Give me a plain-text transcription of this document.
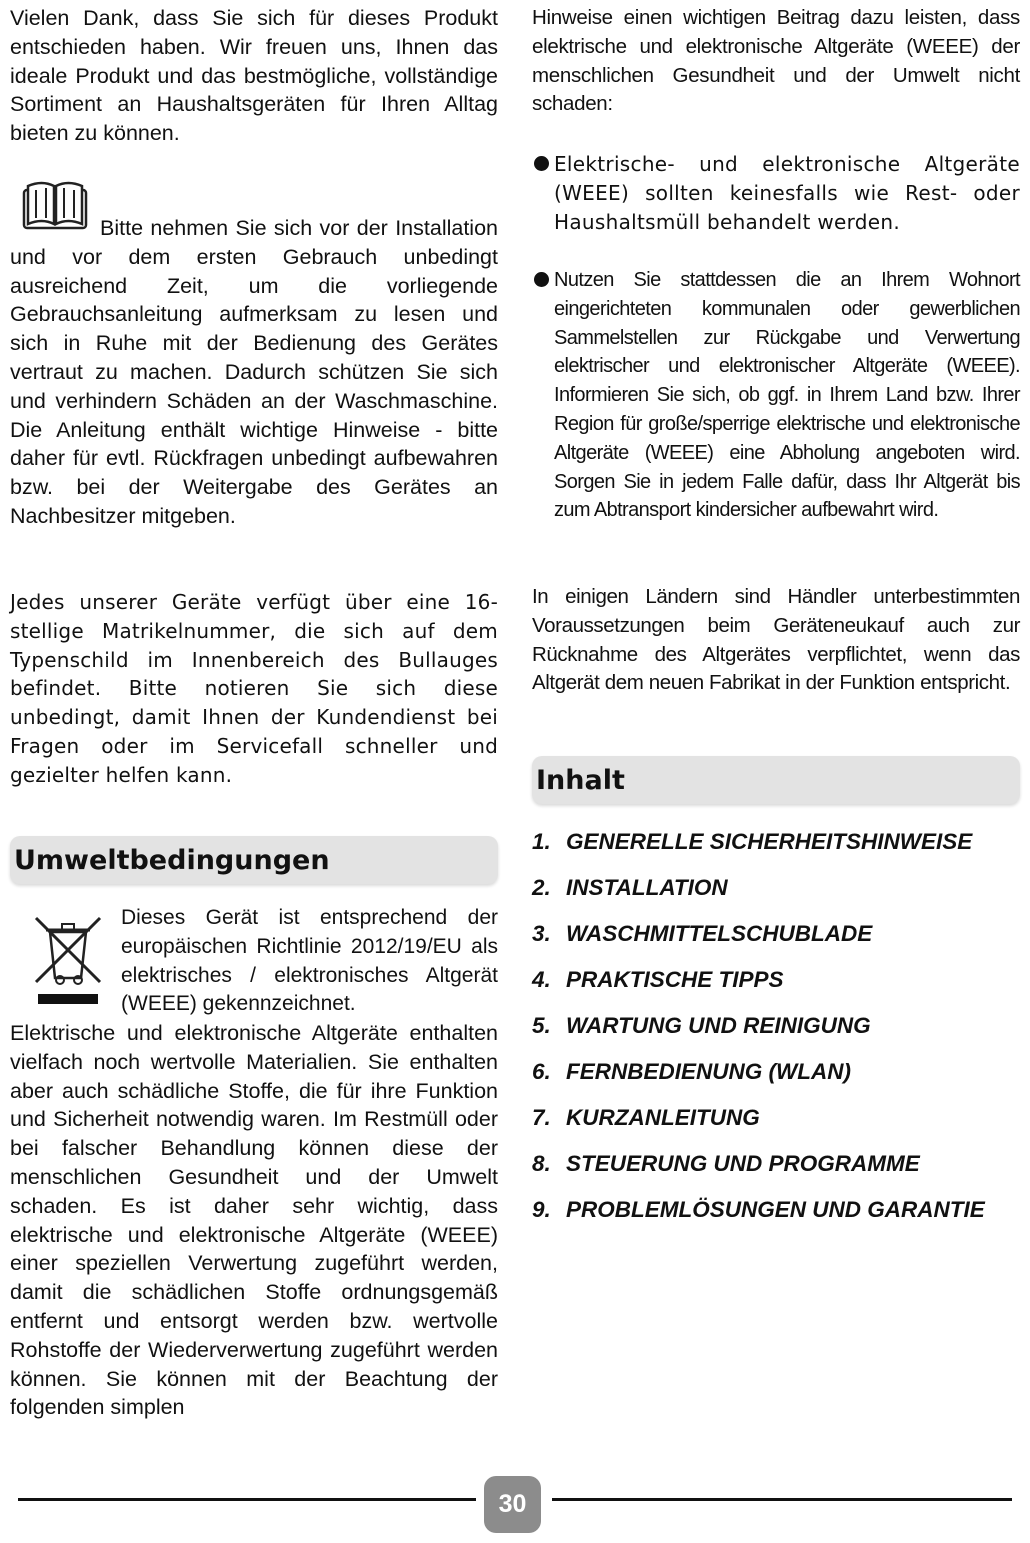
Vielen Dank, dass Sie sich für dieses Produkt entschieden haben. Wir freuen uns, Ihnen das ideale Produkt und das bestmögliche, vollständige Sortiment an Haushaltsgeräten für Ihren Alltag bieten zu können.

Bitte nehmen Sie sich vor der Installation und vor dem ersten Gebrauch unbedingt ausreichend Zeit, um die vorliegende Gebrauchsanleitung aufmerksam zu lesen und sich in Ruhe mit der Bedienung des Gerätes vertraut zu machen. Dadurch schützen Sie sich und verhindern Schäden an der Waschmaschine. Die Anleitung enthält wichtige Hinweise - bitte daher für evtl. Rückfragen unbedingt aufbewahren bzw. bei der Weitergabe des Gerätes an Nachbesitzer mitgeben.

Jedes unserer Geräte verfügt über eine 16-stellige Matrikelnummer, die sich auf dem Typenschild im Innenbereich des Bullauges befindet. Bitte notieren Sie sich diese unbedingt, damit Ihnen der Kundendienst bei Fragen oder im Servicefall schneller und gezielter helfen kann.

Umweltbedingungen

Dieses Gerät ist entsprechend der europäischen Richtlinie 2012/19/EU als elektrisches / elektronisches Altgerät (WEEE) gekennzeichnet.

Elektrische und elektronische Altgeräte enthalten vielfach noch wertvolle Materialien. Sie enthalten aber auch schädliche Stoffe, die für ihre Funktion und Sicherheit notwendig waren. Im Restmüll oder bei falscher Behandlung können diese der menschlichen Gesundheit und der Umwelt schaden. Es ist daher sehr wichtig, dass elektrische und elektronische Altgeräte (WEEE) einer speziellen Verwertung zugeführt werden, damit die schädlichen Stoffe ordnungsgemäß entfernt und entsorgt werden bzw. wertvolle Rohstoffe der Wiederverwertung zugeführt werden können. Sie können mit der Beachtung der folgenden simplen

Hinweise einen wichtigen Beitrag dazu leisten, dass elektrische und elektronische Altgeräte (WEEE) der menschlichen Gesundheit und der Umwelt nicht schaden:

Elektrische- und elektronische Altgeräte (WEEE) sollten keinesfalls wie Rest- oder Haushaltsmüll behandelt werden.

Nutzen Sie stattdessen die an Ihrem Wohnort eingerichteten kommunalen oder gewerblichen Sammelstellen zur Rückgabe und Verwertung elektrischer und elektronischer Altgeräte (WEEE). Informieren Sie sich, ob ggf. in Ihrem Land bzw. Ihrer Region für große/sperrige elektrische und elektronische Altgeräte (WEEE) eine Abholung angeboten wird. Sorgen Sie in jedem Falle dafür, dass Ihr Altgerät bis zum Abtransport kindersicher aufbewahrt wird.

In einigen Ländern sind Händler unterbestimmten Voraussetzungen beim Geräteneukauf auch zur Rücknahme des Altgerätes verpflichtet, wenn das Altgerät dem neuen Fabrikat in der Funktion entspricht.

Inhalt
1. GENERELLE SICHERHEITSHINWEISE
2. INSTALLATION
3. WASCHMITTELSCHUBLADE
4. PRAKTISCHE TIPPS
5. WARTUNG UND REINIGUNG
6. FERNBEDIENUNG (WLAN)
7. KURZANLEITUNG
8. STEUERUNG UND PROGRAMME
9. PROBLEMLÖSUNGEN UND GARANTIE
30
